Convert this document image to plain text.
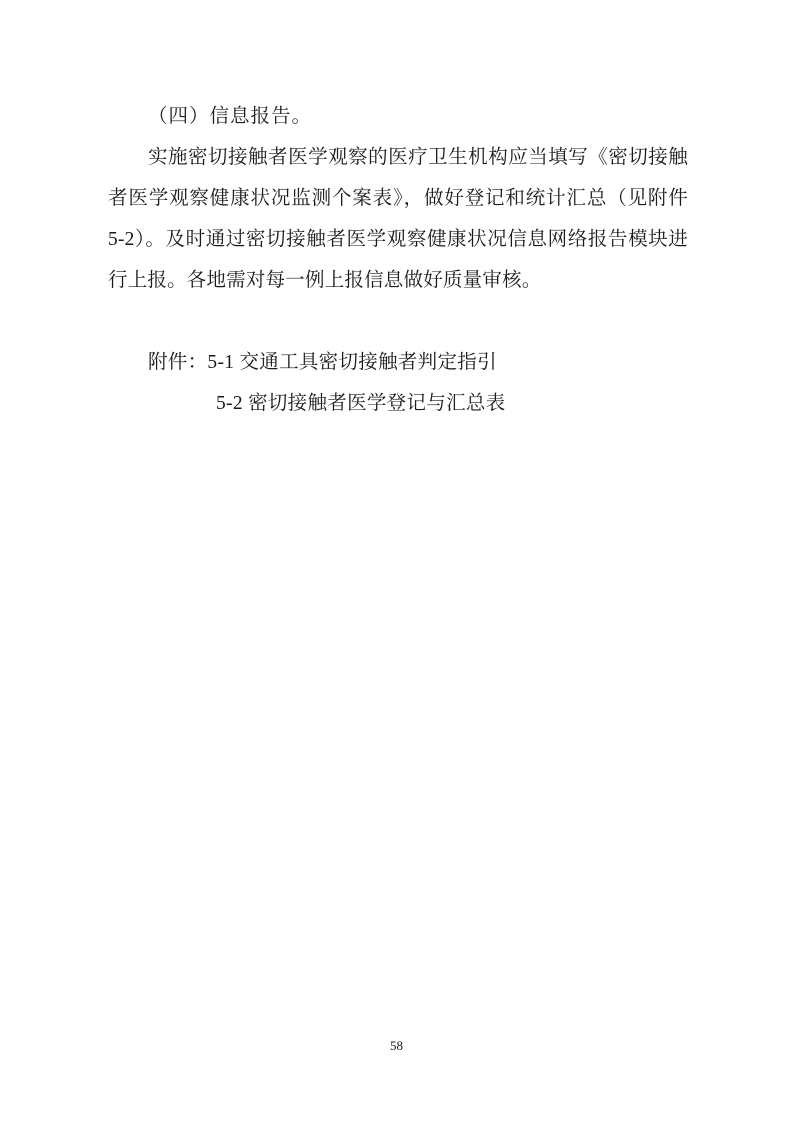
（四）信息报告。

实施密切接触者医学观察的医疗卫生机构应当填写《密切接触者医学观察健康状况监测个案表》，做好登记和统计汇总（见附件 5-2）。及时通过密切接触者医学观察健康状况信息网络报告模块进行上报。各地需对每一例上报信息做好质量审核。

附件：5-1 交通工具密切接触者判定指引

5-2 密切接触者医学登记与汇总表

58
